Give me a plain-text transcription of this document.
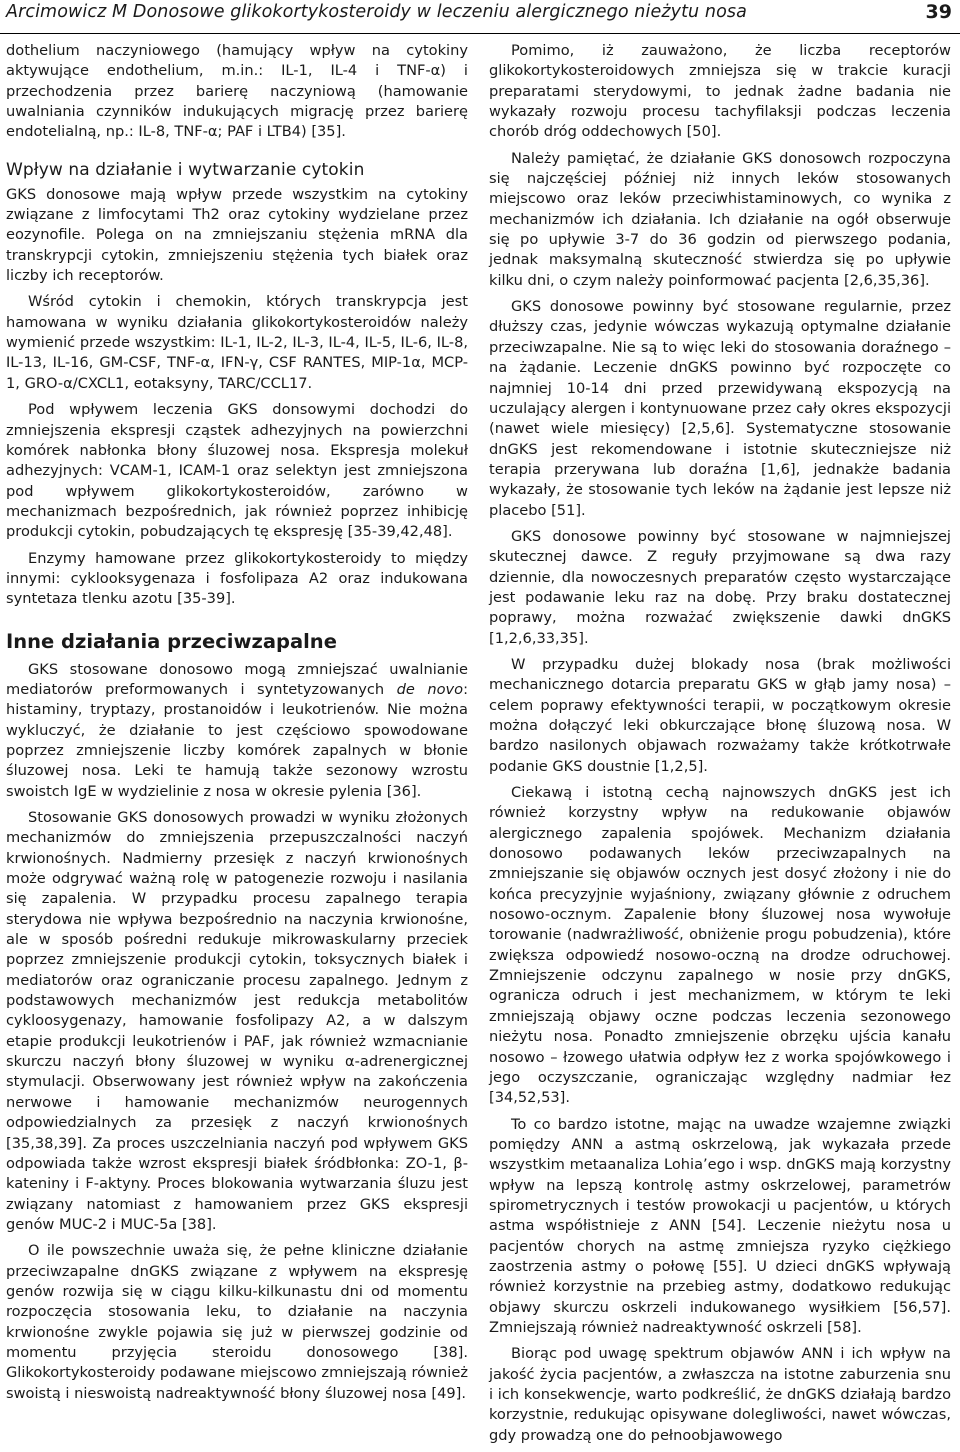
Arcimowicz M Donosowe glikokortykosteroidy w leczeniu alergicznego nieżytu nosa	39

dothelium naczyniowego (hamujący wpływ na cytokiny aktywujące endothelium, m.in.: IL-1, IL-4 i TNF-α) i przechodzenia przez barierę naczyniową (hamowanie uwalniania czynników indukujących migrację przez barierę endotelialną, np.: IL-8, TNF-α; PAF i LTB4) [35].

Wpływ na działanie i wytwarzanie cytokin

GKS donosowe mają wpływ przede wszystkim na cytokiny związane z limfocytami Th2 oraz cytokiny wydzielane przez eozynofile. Polega on na zmniejszaniu stężenia mRNA dla transkrypcji cytokin, zmniejszeniu stężenia tych białek oraz liczby ich receptorów.

Wśród cytokin i chemokin, których transkrypcja jest hamowana w wyniku działania glikokortykosteroidów należy wymienić przede wszystkim: IL-1, IL-2, IL-3, IL-4, IL-5, IL-6, IL-8, IL-13, IL-16, GM-CSF, TNF-α, IFN-γ, CSF RANTES, MIP-1α, MCP-1, GRO-α/CXCL1, eotaksyny, TARC/CCL17.

Pod wpływem leczenia GKS donsowymi dochodzi do zmniejszenia ekspresji cząstek adhezyjnych na powierzchni komórek nabłonka błony śluzowej nosa. Ekspresja molekuł adhezyjnych: VCAM-1, ICAM-1 oraz selektyn jest zmniejszona pod wpływem glikokortykosteroidów, zarówno w mechanizmach bezpośrednich, jak również poprzez inhibicję produkcji cytokin, pobudzających tę ekspresję [35-39,42,48].

Enzymy hamowane przez glikokortykosteroidy to między innymi: cyklooksygenaza i fosfolipaza A2 oraz indukowana syntetaza tlenku azotu [35-39].

Inne działania przeciwzapalne

GKS stosowane donosowo mogą zmniejszać uwalnianie mediatorów preformowanych i syntetyzowanych de novo: histaminy, tryptazy, prostanoidów i leukotrienów. Nie można wykluczyć, że działanie to jest częściowo spowodowane poprzez zmniejszenie liczby komórek zapalnych w błonie śluzowej nosa. Leki te hamują także sezonowy wzrostu swoistch IgE w wydzielinie z nosa w okresie pylenia [36].

Stosowanie GKS donosowych prowadzi w wyniku złożonych mechanizmów do zmniejszenia przepuszczalności naczyń krwionośnych. Nadmierny przesięk z naczyń krwionośnych może odgrywać ważną rolę w patogenezie rozwoju i nasilania się zapalenia. W przypadku procesu zapalnego terapia sterydowa nie wpływa bezpośrednio na naczynia krwionośne, ale w sposób pośredni redukuje mikrowaskularny przeciek poprzez zmniejszenie produkcji cytokin, toksycznych białek i mediatorów oraz ograniczanie procesu zapalnego. Jednym z podstawowych mechanizmów jest redukcja metabolitów cykloosygenazy, hamowanie fosfolipazy A2, a w dalszym etapie produkcji leukotrienów i PAF, jak również wzmacnianie skurczu naczyń błony śluzowej w wyniku α-adrenergicznej stymulacji. Obserwowany jest również wpływ na zakończenia nerwowe i hamowanie mechanizmów neurogennych odpowiedzialnych za przesięk z naczyń krwionośnych [35,38,39]. Za proces uszczelniania naczyń pod wpływem GKS odpowiada także wzrost ekspresji białek śródbłonka: ZO-1, β-kateniny i F-aktyny. Proces blokowania wytwarzania śluzu jest związany natomiast z hamowaniem przez GKS ekspresji genów MUC-2 i MUC-5a [38].

O ile powszechnie uważa się, że pełne kliniczne działanie przeciwzapalne dnGKS związane z wpływem na ekspresję genów rozwija się w ciągu kilku-kilkunastu dni od momentu rozpoczęcia stosowania leku, to działanie na naczynia krwionośne zwykle pojawia się już w pierwszej godzinie od momentu przyjęcia steroidu donosowego [38]. Glikokortykosteroidy podawane miejscowo zmniejszają również swoistą i nieswoistą nadreaktywność błony śluzowej nosa [49].

Pomimo, iż zauważono, że liczba receptorów glikokortykosteroidowych zmniejsza się w trakcie kuracji preparatami sterydowymi, to jednak żadne badania nie wykazały rozwoju procesu tachyfilaksji podczas leczenia chorób dróg oddechowych [50].

Należy pamiętać, że działanie GKS donosowch rozpoczyna się najczęściej później niż innych leków stosowanych miejscowo oraz leków przeciwhistaminowych, co wynika z mechanizmów ich działania. Ich działanie na ogół obserwuje się po upływie 3-7 do 36 godzin od pierwszego podania, jednak maksymalną skuteczność stwierdza się po upływie kilku dni, o czym należy poinformować pacjenta [2,6,35,36].

GKS donosowe powinny być stosowane regularnie, przez dłuższy czas, jedynie wówczas wykazują optymalne działanie przeciwzapalne. Nie są to więc leki do stosowania doraźnego – na żądanie. Leczenie dnGKS powinno być rozpoczęte co najmniej 10-14 dni przed przewidywaną ekspozycją na uczulający alergen i kontynuowane przez cały okres ekspozycji (nawet wiele miesięcy) [2,5,6]. Systematyczne stosowanie dnGKS jest rekomendowane i istotnie skuteczniejsze niż terapia przerywana lub doraźna [1,6], jednakże badania wykazały, że stosowanie tych leków na żądanie jest lepsze niż placebo [51].

GKS donosowe powinny być stosowane w najmniejszej skutecznej dawce. Z reguły przyjmowane są dwa razy dziennie, dla nowoczesnych preparatów często wystarczające jest podawanie leku raz na dobę. Przy braku dostatecznej poprawy, można rozważać zwiększenie dawki dnGKS [1,2,6,33,35].

W przypadku dużej blokady nosa (brak możliwości mechanicznego dotarcia preparatu GKS w głąb jamy nosa) – celem poprawy efektywności terapii, w początkowym okresie można dołączyć leki obkurczające błonę śluzową nosa. W bardzo nasilonych objawach rozważamy także krótkotrwałe podanie GKS doustnie [1,2,5].

Ciekawą i istotną cechą najnowszych dnGKS jest ich również korzystny wpływ na redukowanie objawów alergicznego zapalenia spojówek. Mechanizm działania donosowo podawanych leków przeciwzapalnych na zmniejszanie się objawów ocznych jest dosyć złożony i nie do końca precyzyjnie wyjaśniony, związany głównie z odruchem nosowo-ocznym. Zapalenie błony śluzowej nosa wywołuje torowanie (nadwrażliwość, obniżenie progu pobudzenia), które zwiększa odpowiedź nosowo-oczną na drodze odruchowej. Zmniejszenie odczynu zapalnego w nosie przy dnGKS, ogranicza odruch i jest mechanizmem, w którym te leki zmniejszają objawy oczne podczas leczenia sezonowego nieżytu nosa. Ponadto zmniejszenie obrzęku ujścia kanału nosowo – łzowego ułatwia odpływ łez z worka spojówkowego i jego oczyszczanie, ograniczając względny nadmiar łez [34,52,53].

To co bardzo istotne, mając na uwadze wzajemne związki pomiędzy ANN a astmą oskrzelową, jak wykazała przede wszystkim metaanaliza Lohia’ego i wsp. dnGKS mają korzystny wpływ na lepszą kontrolę astmy oskrzelowej, parametrów spirometrycznych i testów prowokacji u pacjentów, u których astma współistnieje z ANN [54]. Leczenie nieżytu nosa u pacjentów chorych na astmę zmniejsza ryzyko ciężkiego zaostrzenia astmy o połowę [55]. U dzieci dnGKS wpływają również korzystnie na przebieg astmy, dodatkowo redukując objawy skurczu oskrzeli indukowanego wysiłkiem [56,57]. Zmniejszają również nadreaktywność oskrzeli [58].

Biorąc pod uwagę spektrum objawów ANN i ich wpływ na jakość życia pacjentów, a zwłaszcza na istotne zaburzenia snu i ich konsekwencje, warto podkreślić, że dnGKS działają bardzo korzystnie, redukując opisywane dolegliwości, nawet wówczas, gdy prowadzą one do pełnoobjawowego
